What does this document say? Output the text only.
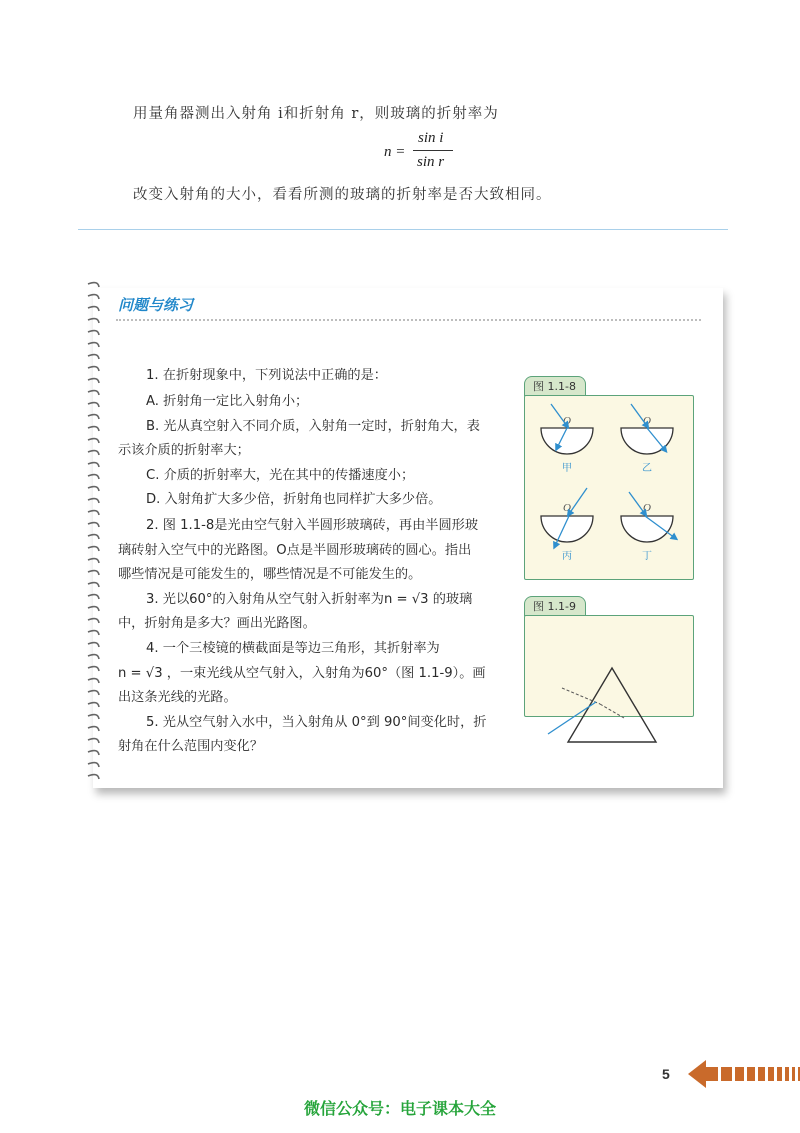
用量角器测出入射角 i和折射角 r，则玻璃的折射率为
n =
sin i
sin r
改变入射角的大小，看看所测的玻璃的折射率是否大致相同。
问题与练习
1. 在折射现象中，下列说法中正确的是：
A. 折射角一定比入射角小；
B. 光从真空射入不同介质，入射角一定时，折射角大，表
示该介质的折射率大；
C. 介质的折射率大，光在其中的传播速度小；
D. 入射角扩大多少倍，折射角也同样扩大多少倍。
2. 图 1.1-8是光由空气射入半圆形玻璃砖，再由半圆形玻
璃砖射入空气中的光路图。O点是半圆形玻璃砖的圆心。指出
哪些情况是可能发生的，哪些情况是不可能发生的。
3. 光以60°的入射角从空气射入折射率为n = √3 的玻璃
中，折射角是多大？画出光路图。
4. 一个三棱镜的横截面是等边三角形，其折射率为
n = √3 ，一束光线从空气射入，入射角为60°（图 1.1-9）。画
出这条光线的光路。
5. 光从空气射入水中，当入射角从 0°到 90°间变化时，折
射角在什么范围内变化？
图 1.1-8
O	O
O	O
甲	乙
丙	丁
图 1.1-9
5
微信公众号：电子课本大全
